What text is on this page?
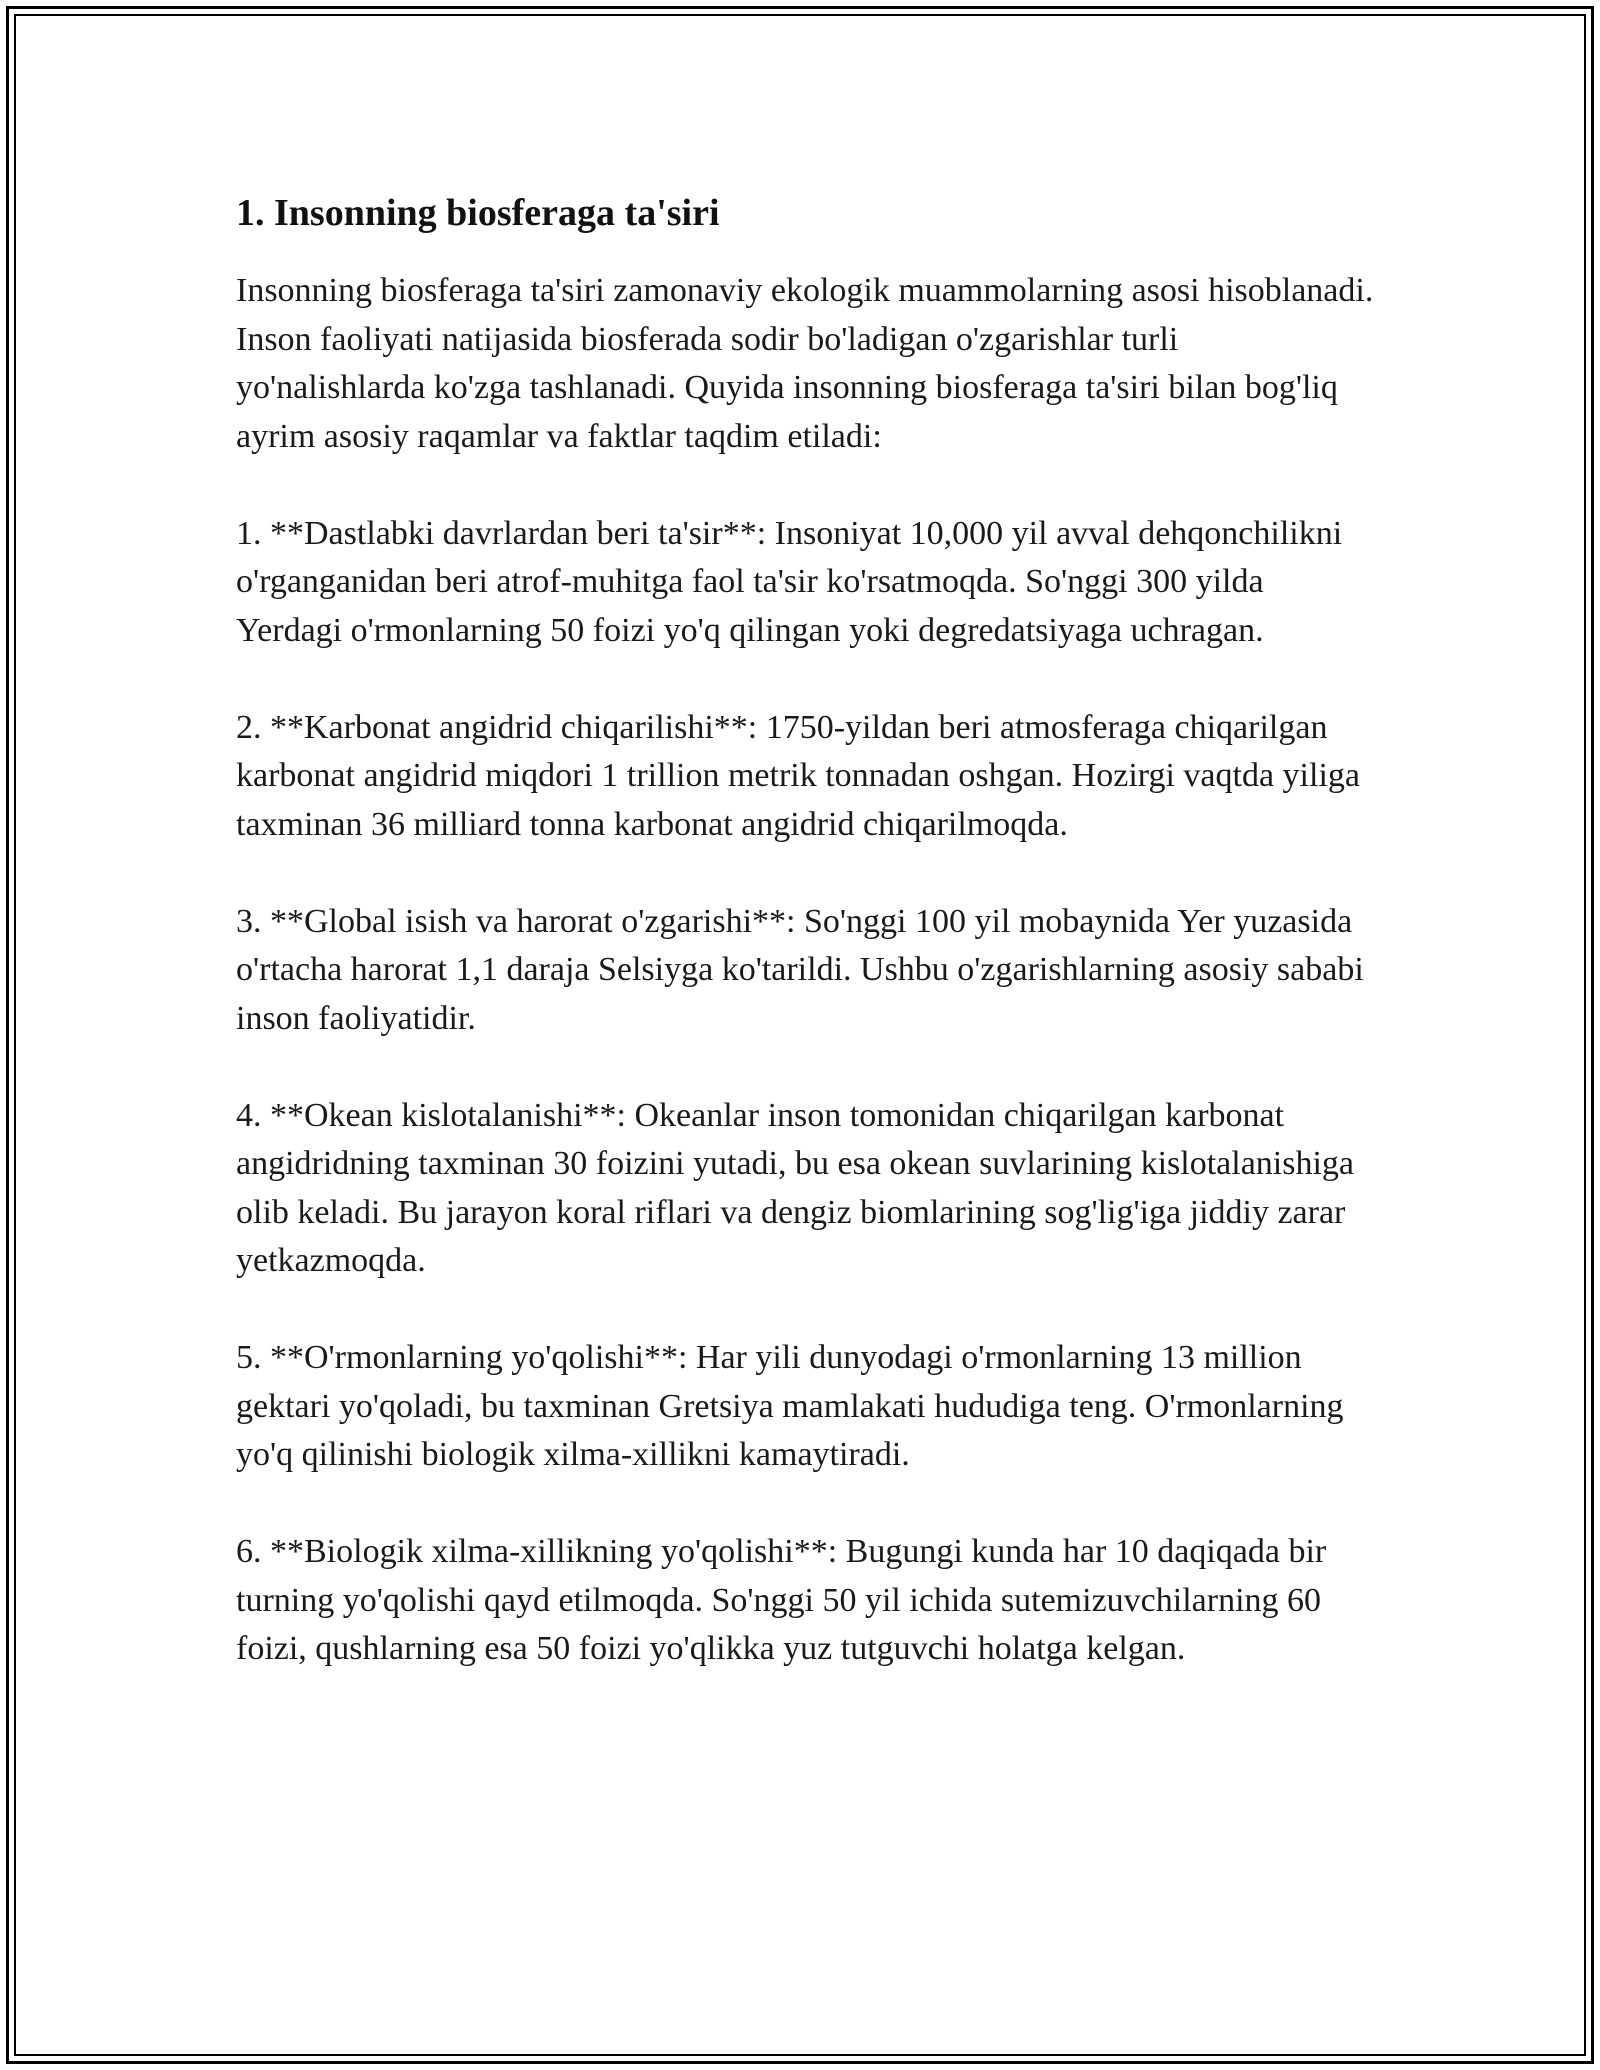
1. Insonning biosferaga ta'siri

Insonning biosferaga ta'siri zamonaviy ekologik muammolarning asosi hisoblanadi. Inson faoliyati natijasida biosferada sodir bo'ladigan o'zgarishlar turli yo'nalishlarda ko'zga tashlanadi. Quyida insonning biosferaga ta'siri bilan bog'liq ayrim asosiy raqamlar va faktlar taqdim etiladi:

1. **Dastlabki davrlardan beri ta'sir**: Insoniyat 10,000 yil avval dehqonchilikni o'rganganidan beri atrof-muhitga faol ta'sir ko'rsatmoqda. So'nggi 300 yilda Yerdagi o'rmonlarning 50 foizi yo'q qilingan yoki degredatsiyaga uchragan.

2. **Karbonat angidrid chiqarilishi**: 1750-yildan beri atmosferaga chiqarilgan karbonat angidrid miqdori 1 trillion metrik tonnadan oshgan. Hozirgi vaqtda yiliga taxminan 36 milliard tonna karbonat angidrid chiqarilmoqda.

3. **Global isish va harorat o'zgarishi**: So'nggi 100 yil mobaynida Yer yuzasida o'rtacha harorat 1,1 daraja Selsiyga ko'tarildi. Ushbu o'zgarishlarning asosiy sababi inson faoliyatidir.

4. **Okean kislotalanishi**: Okeanlar inson tomonidan chiqarilgan karbonat angidridning taxminan 30 foizini yutadi, bu esa okean suvlarining kislotalanishiga olib keladi. Bu jarayon koral riflari va dengiz biomlarining sog'lig'iga jiddiy zarar yetkazmoqda.

5. **O'rmonlarning yo'qolishi**: Har yili dunyodagi o'rmonlarning 13 million gektari yo'qoladi, bu taxminan Gretsiya mamlakati hududiga teng. O'rmonlarning yo'q qilinishi biologik xilma-xillikni kamaytiradi.

6. **Biologik xilma-xillikning yo'qolishi**: Bugungi kunda har 10 daqiqada bir turning yo'qolishi qayd etilmoqda. So'nggi 50 yil ichida sutemizuvchilarning 60 foizi, qushlarning esa 50 foizi yo'qlikka yuz tutguvchi holatga kelgan.
